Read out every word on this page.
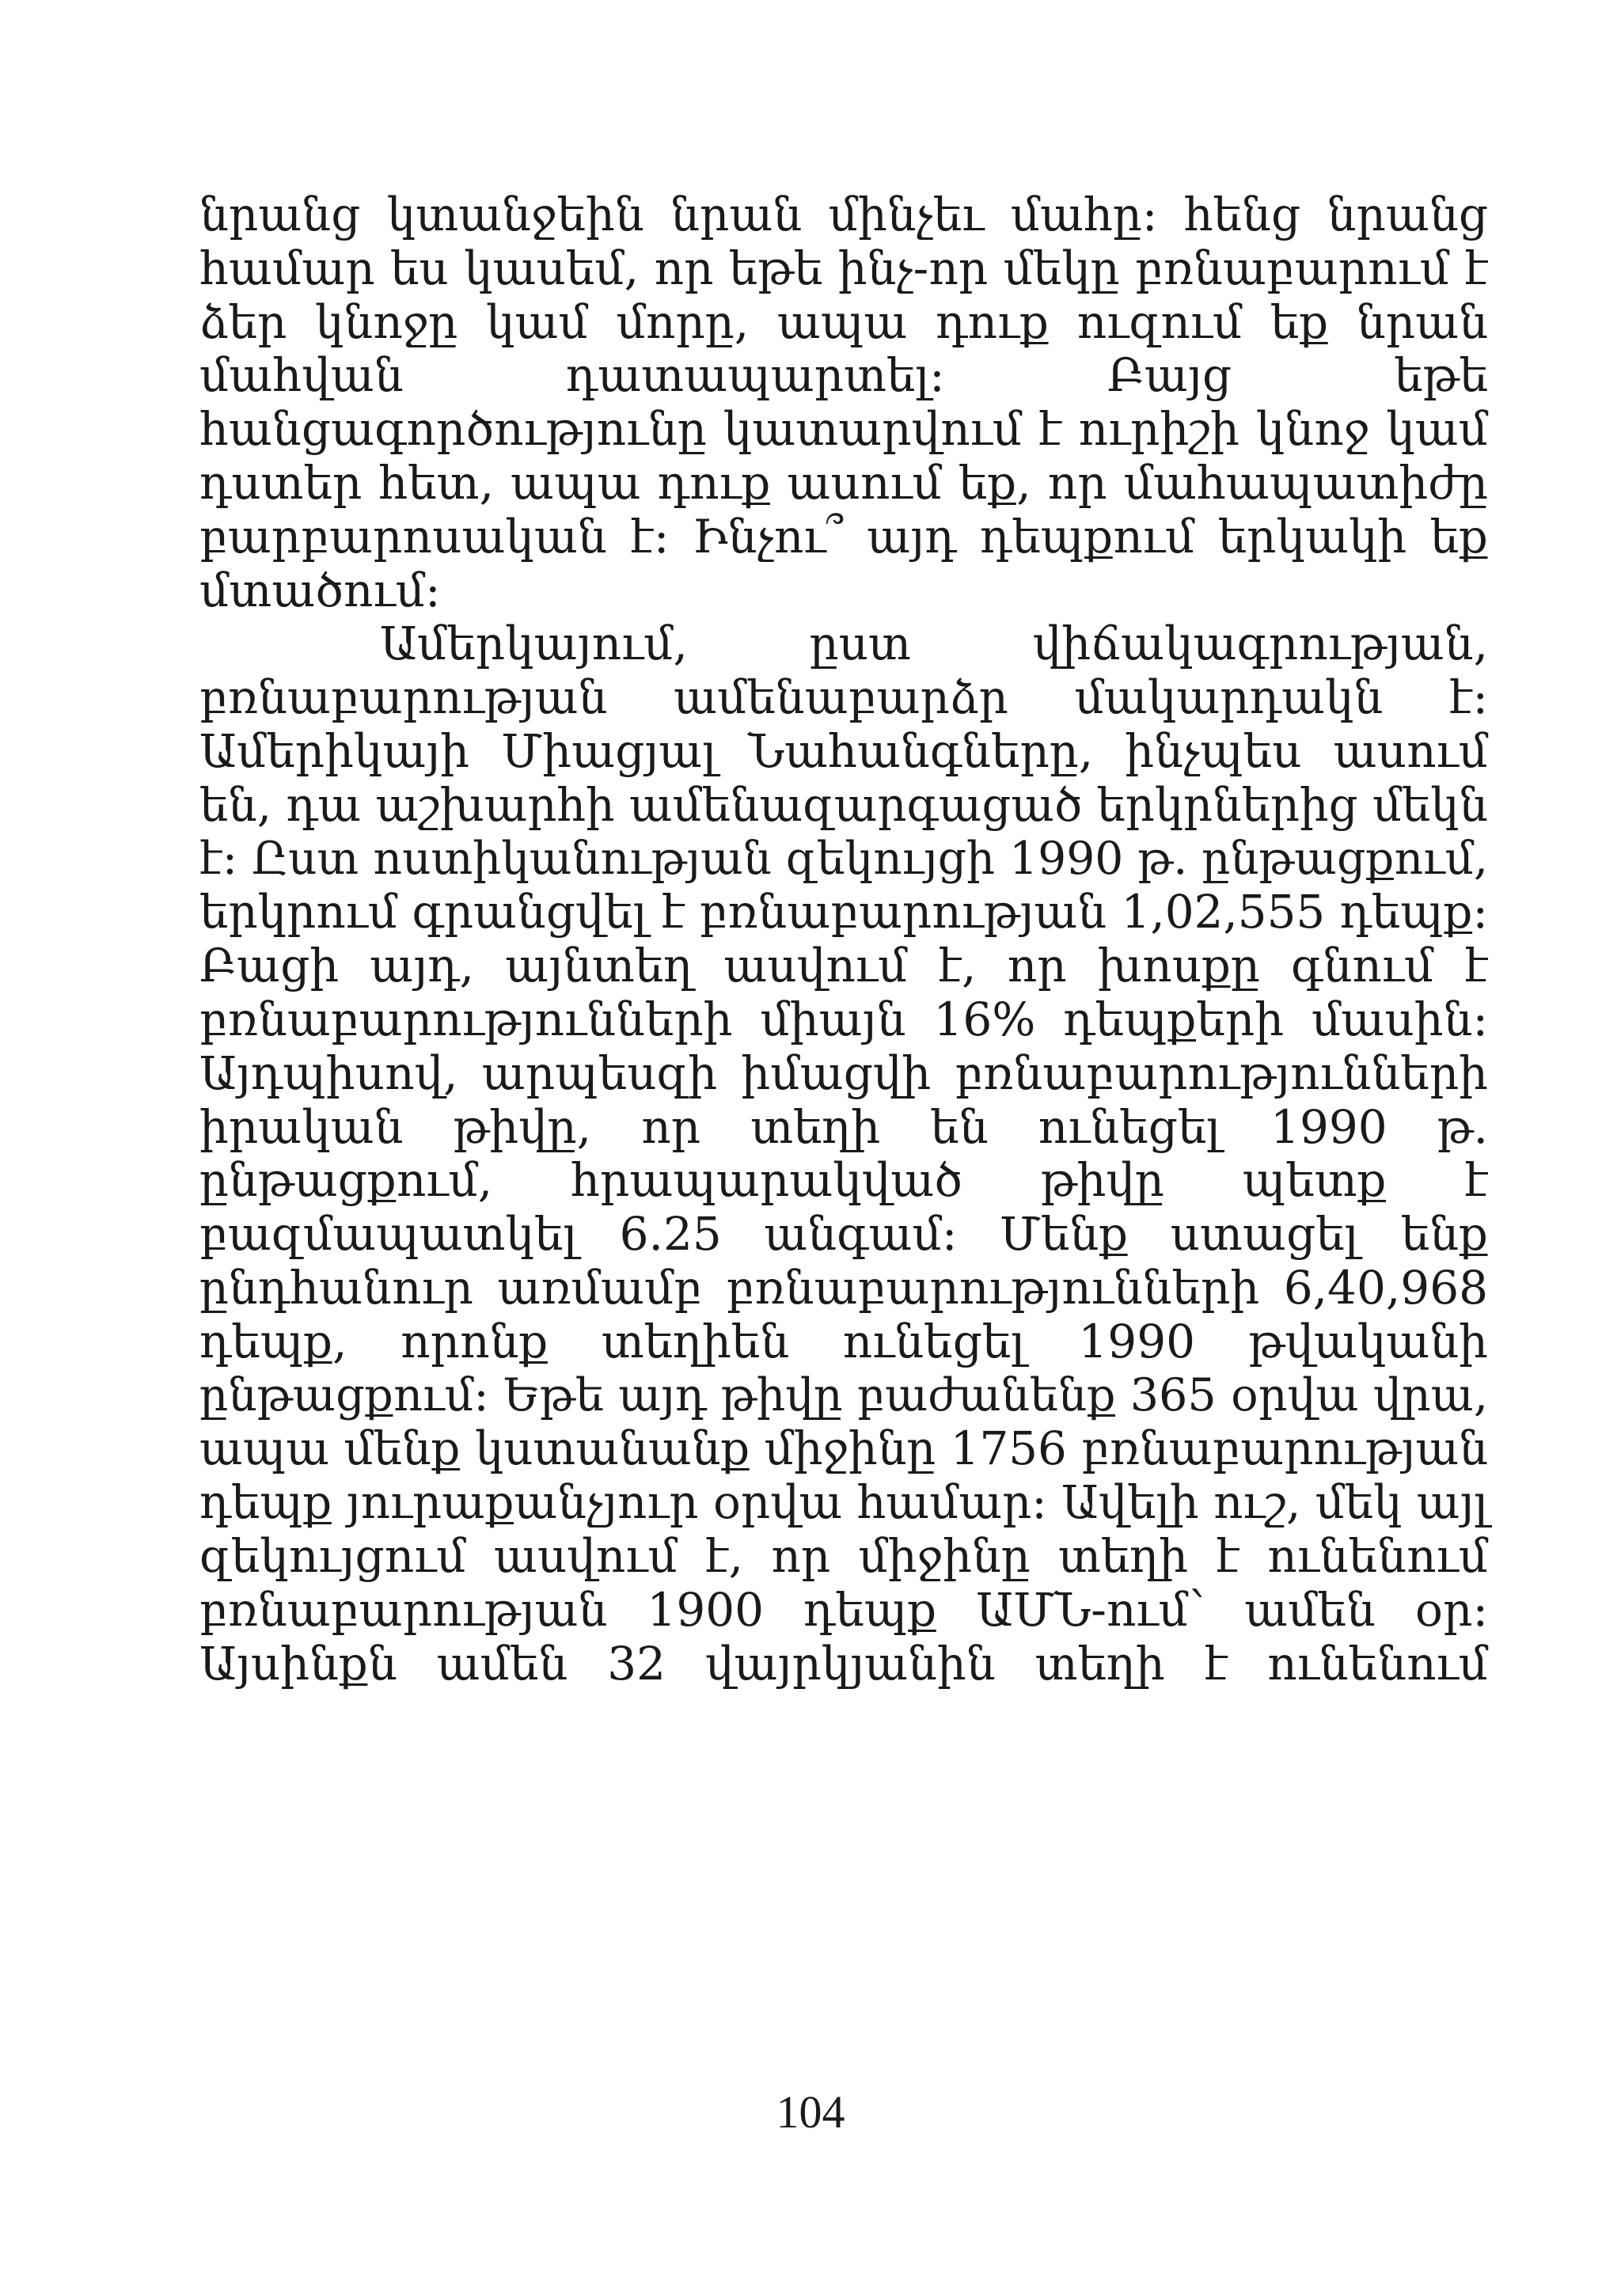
նրանց կտանջեին նրան մինչեւ մահը: հենց նրանց
համար ես կասեմ, որ եթե ինչ-որ մեկը բռնաբարում է
ձեր կնոջը կամ մորը, ապա դուք ուզում եք նրան
մահվան դատապարտել: Բայց եթե
հանցագործությունը կատարվում է ուրիշի կնոջ կամ
դստեր հետ, ապա դուք ասում եք, որ մահապատիժը
բարբարոսական է: Ինչու՞ այդ դեպքում երկակի եք
մտածում:
Ամերկայում, ըստ վիճակագրության,
բռնաբարության ամենաբարձր մակարդակն է:
Ամերիկայի Միացյալ Նահանգները, ինչպես ասում
են, դա աշխարհի ամենազարգացած երկրներից մեկն
է: Ըստ ոստիկանության զեկույցի 1990 թ. ընթացքում,
երկրում գրանցվել է բռնաբարության 1,02,555 դեպք:
Բացի այդ, այնտեղ ասվում է, որ խոսքը գնում է
բռնաբարությունների միայն 16% դեպքերի մասին:
Այդպիսով, արպեսզի իմացվի բռնաբարությունների
իրական թիվը, որ տեղի են ունեցել 1990 թ.
ընթացքում, հրապարակված թիվը պետք է
բազմապատկել 6.25 անգամ: Մենք ստացել ենք
ընդհանուր առմամբ բռնաբարությունների 6,40,968
դեպք, որոնք տեղիեն ունեցել 1990 թվականի
ընթացքում: Եթե այդ թիվը բաժանենք 365 օրվա վրա,
ապա մենք կստանանք միջինը 1756 բռնաբարության
դեպք յուրաքանչյուր օրվա համար: Ավելի ուշ, մեկ այլ
զեկույցում ասվում է, որ միջինը տեղի է ունենում
բռնաբարության 1900 դեպք ԱՄՆ-ում՝ ամեն օր:
Այսինքն ամեն 32 վայրկյանին տեղի է ունենում
104
